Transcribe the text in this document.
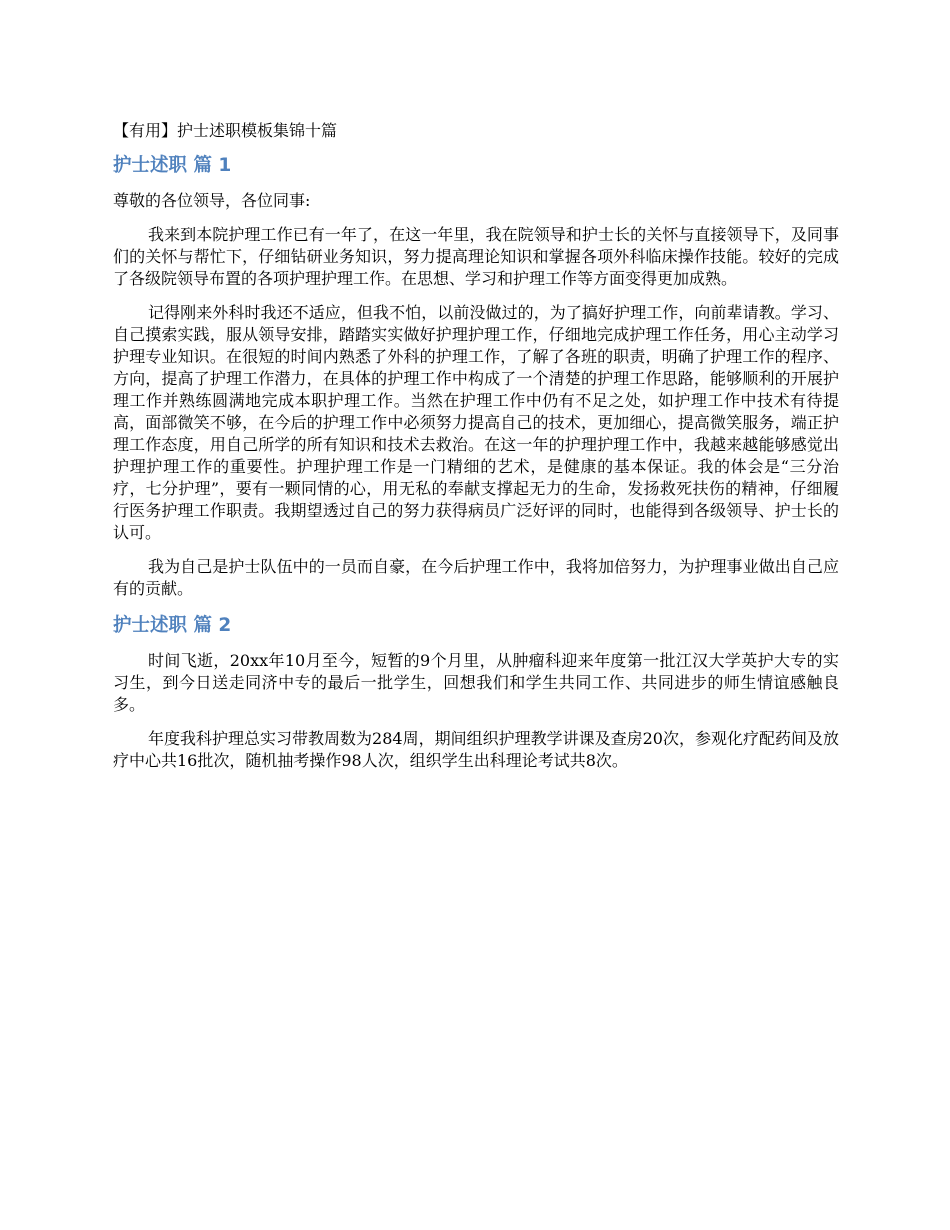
【有用】护士述职模板集锦十篇
护士述职 篇 1

尊敬的各位领导，各位同事:

我来到本院护理工作已有一年了，在这一年里，我在院领导和护士长的关怀与直接领导下，及同事们的关怀与帮忙下，仔细钻研业务知识，努力提高理论知识和掌握各项外科临床操作技能。较好的完成了各级院领导布置的各项护理护理工作。在思想、学习和护理工作等方面变得更加成熟。

记得刚来外科时我还不适应，但我不怕，以前没做过的，为了搞好护理工作，向前辈请教。学习、自己摸索实践，服从领导安排，踏踏实实做好护理护理工作，仔细地完成护理工作任务，用心主动学习护理专业知识。在很短的时间内熟悉了外科的护理工作，了解了各班的职责，明确了护理工作的程序、方向，提高了护理工作潜力，在具体的护理工作中构成了一个清楚的护理工作思路，能够顺利的开展护理工作并熟练圆满地完成本职护理工作。当然在护理工作中仍有不足之处，如护理工作中技术有待提高，面部微笑不够，在今后的护理工作中必须努力提高自己的技术，更加细心，提高微笑服务，端正护理工作态度，用自己所学的所有知识和技术去救治。在这一年的护理护理工作中，我越来越能够感觉出护理护理工作的重要性。护理护理工作是一门精细的艺术，是健康的基本保证。我的体会是“三分治疗，七分护理”，要有一颗同情的心，用无私的奉献支撑起无力的生命，发扬救死扶伤的精神，仔细履行医务护理工作职责。我期望透过自己的努力获得病员广泛好评的同时，也能得到各级领导、护士长的认可。

我为自己是护士队伍中的一员而自豪，在今后护理工作中，我将加倍努力，为护理事业做出自己应有的贡献。

护士述职 篇 2

时间飞逝，20xx年10月至今，短暂的9个月里，从肿瘤科迎来年度第一批江汉大学英护大专的实习生，到今日送走同济中专的最后一批学生，回想我们和学生共同工作、共同进步的师生情谊感触良多。

年度我科护理总实习带教周数为284周，期间组织护理教学讲课及查房20次，参观化疗配药间及放疗中心共16批次，随机抽考操作98人次，组织学生出科理论考试共8次。
